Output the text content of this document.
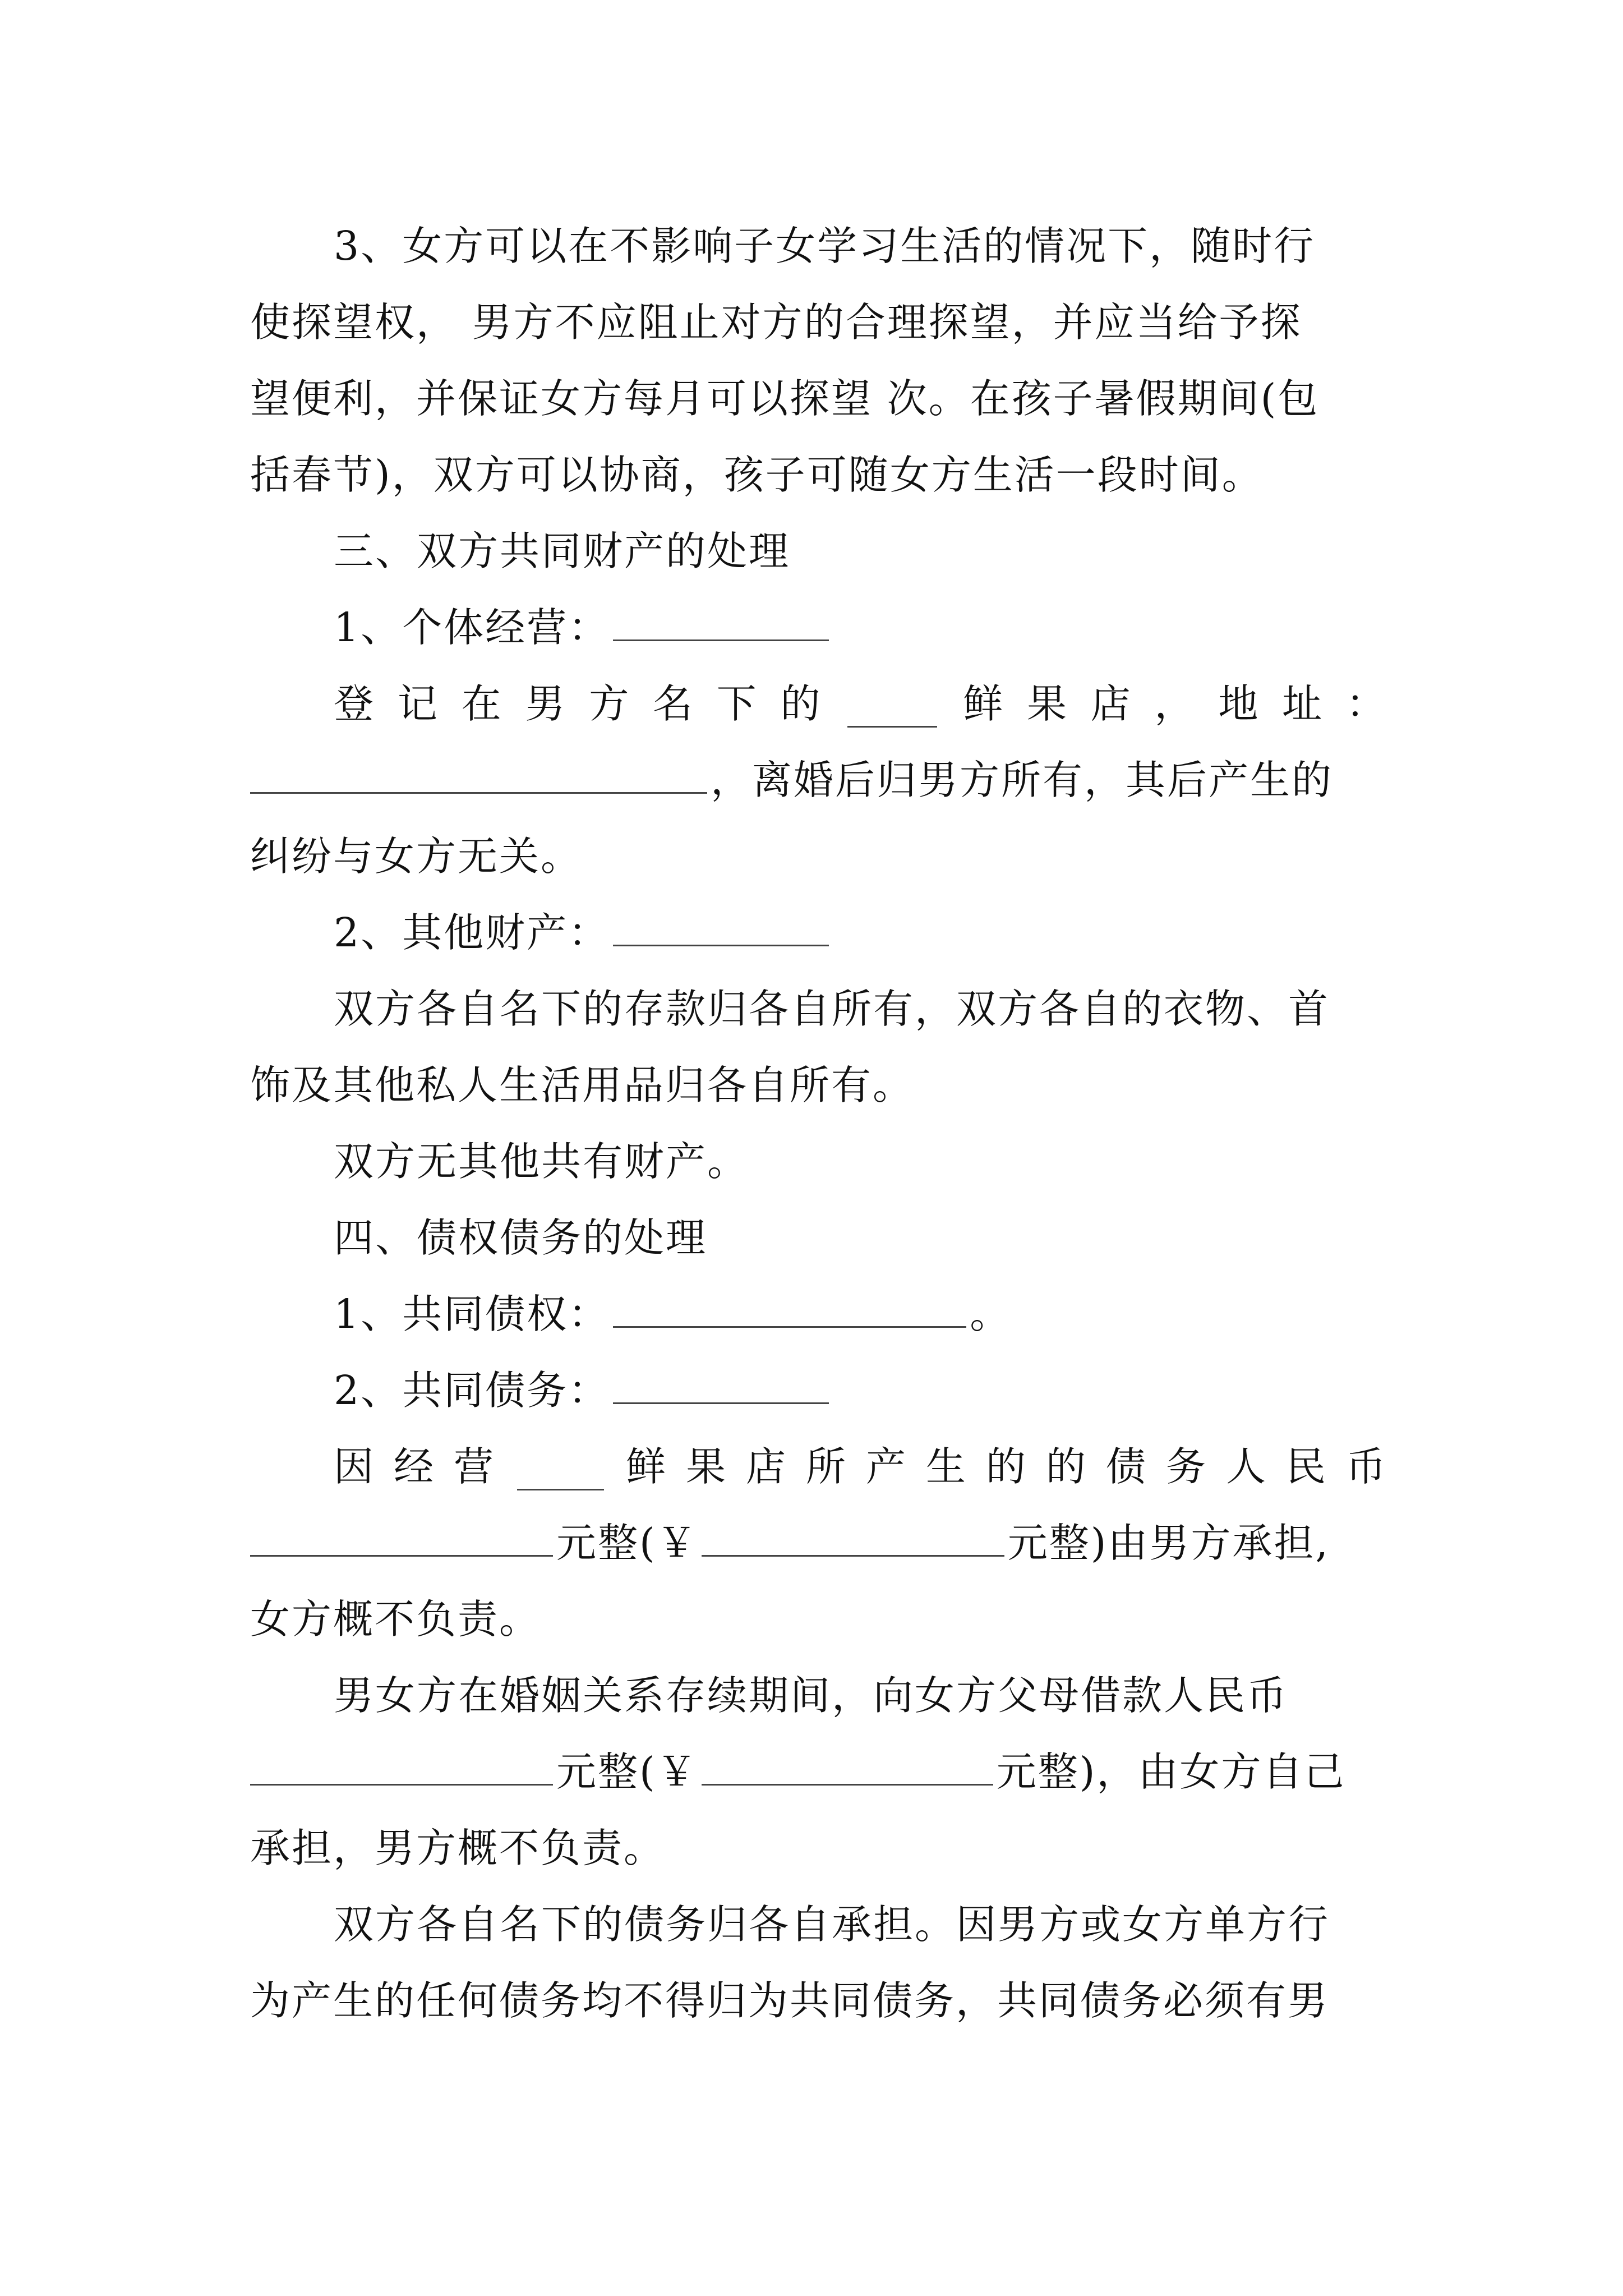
3、女方可以在不影响子女学习生活的情况下，随时行
使探望权， 男方不应阻止对方的合理探望，并应当给予探
望便利，并保证女方每月可以探望 次。在孩子暑假期间(包
括春节)，双方可以协商，孩子可随女方生活一段时间。
三、双方共同财产的处理
1、个体经营：
登 记 在 男 方 名 下 的	鲜 果 店 ， 地 址 ：
，离婚后归男方所有，其后产生的
纠纷与女方无关。
2、其他财产：
双方各自名下的存款归各自所有，双方各自的衣物、首
饰及其他私人生活用品归各自所有。
双方无其他共有财产。
四、债权债务的处理
1、共同债权：	。
2、共同债务：
因 经 营	鲜 果 店 所 产 生 的 的 债 务 人 民 币
元整(￥	元整)由男方承担,
女方概不负责。
男女方在婚姻关系存续期间，向女方父母借款人民币
元整(￥	元整)，由女方自己
承担，男方概不负责。
双方各自名下的债务归各自承担。因男方或女方单方行
为产生的任何债务均不得归为共同债务，共同债务必须有男
